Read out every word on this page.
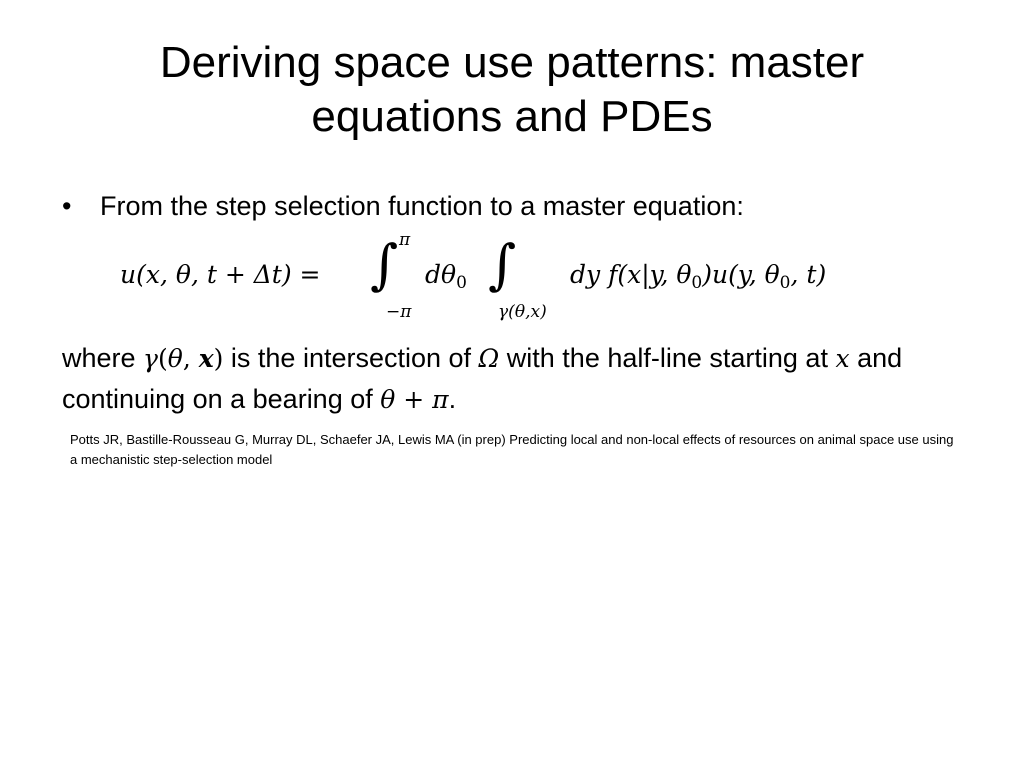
Deriving space use patterns: master
equations and PDEs
•	From the step selection function to a master equation:
u(x, θ, t + Δt) = ∫ π
−π
$d\theta_0$ ∫
γ(θ,x)
dy f(x|y, $\theta_0)u(y$, $\theta_0$, t)
where γ(θ, x) is the intersection of Ω with the half-line starting at x and continuing on a bearing of θ + π.
Potts JR, Bastille-Rousseau G, Murray DL, Schaefer JA, Lewis MA (in prep) Predicting local and non-local effects of resources on animal space use using a mechanistic step-selection model
